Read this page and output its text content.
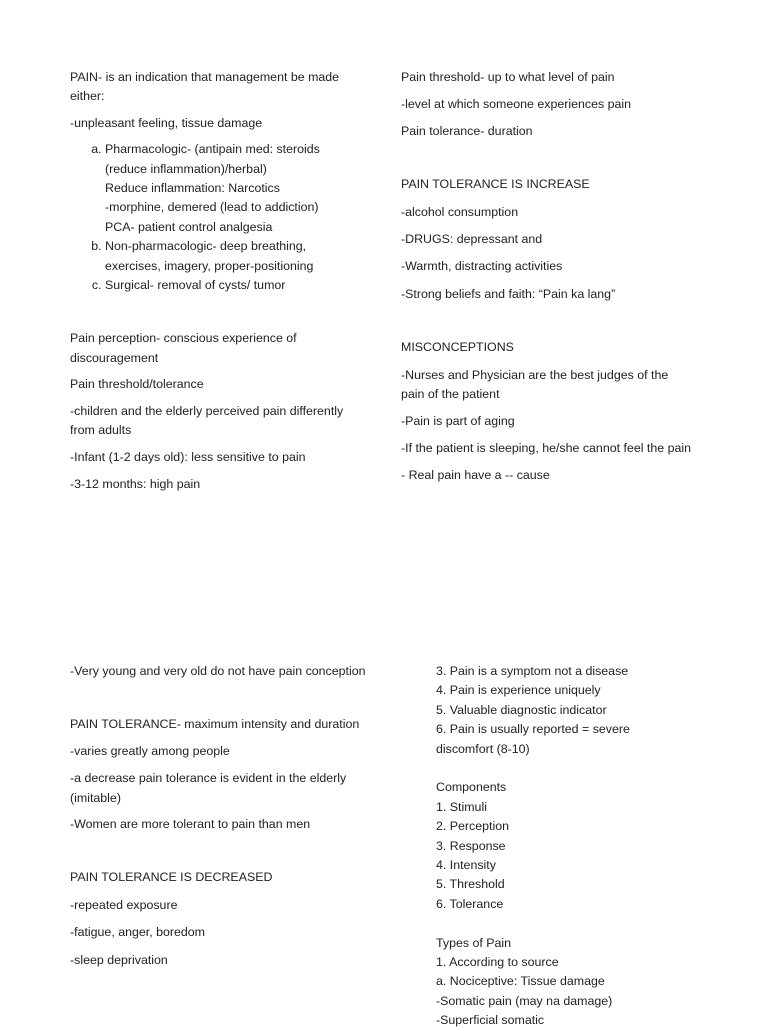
PAIN- is an indication that management be made either:

-unpleasant feeling, tissue damage

a. Pharmacologic- (antipain med: steroids
(reduce inflammation)/herbal)
Reduce inflammation: Narcotics
-morphine, demered (lead to addiction)
PCA- patient control analgesia
b. Non-pharmacologic- deep breathing,
exercises, imagery, proper-positioning
c. Surgical- removal of cysts/ tumor

Pain perception- conscious experience of discouragement

Pain threshold/tolerance

-children and the elderly perceived pain differently from adults

-Infant (1-2 days old): less sensitive to pain

-3-12 months: high pain

Pain threshold- up to what level of pain

-level at which someone experiences pain

Pain tolerance- duration

PAIN TOLERANCE IS INCREASE

-alcohol consumption

-DRUGS: depressant and

-Warmth, distracting activities

-Strong beliefs and faith: “Pain ka lang”

MISCONCEPTIONS

-Nurses and Physician are the best judges of the pain of the patient

-Pain is part of aging

-If the patient is sleeping, he/she cannot feel the pain

- Real pain have a -- cause

-Very young and very old do not have pain conception

PAIN TOLERANCE- maximum intensity and duration

-varies greatly among people

-a decrease pain tolerance is evident in the elderly (imitable)

-Women are more tolerant to pain than men

PAIN TOLERANCE IS DECREASED

-repeated exposure

-fatigue, anger, boredom

-sleep deprivation

3. Pain is a symptom not a disease
4. Pain is experience uniquely
5. Valuable diagnostic indicator
6. Pain is usually reported = severe
discomfort (8-10)
Components
1. Stimuli
2. Perception
3. Response
4. Intensity
5. Threshold
6. Tolerance
Types of Pain
1. According to source
a. Nociceptive: Tissue damage
-Somatic pain (may na damage)
-Superficial somatic
